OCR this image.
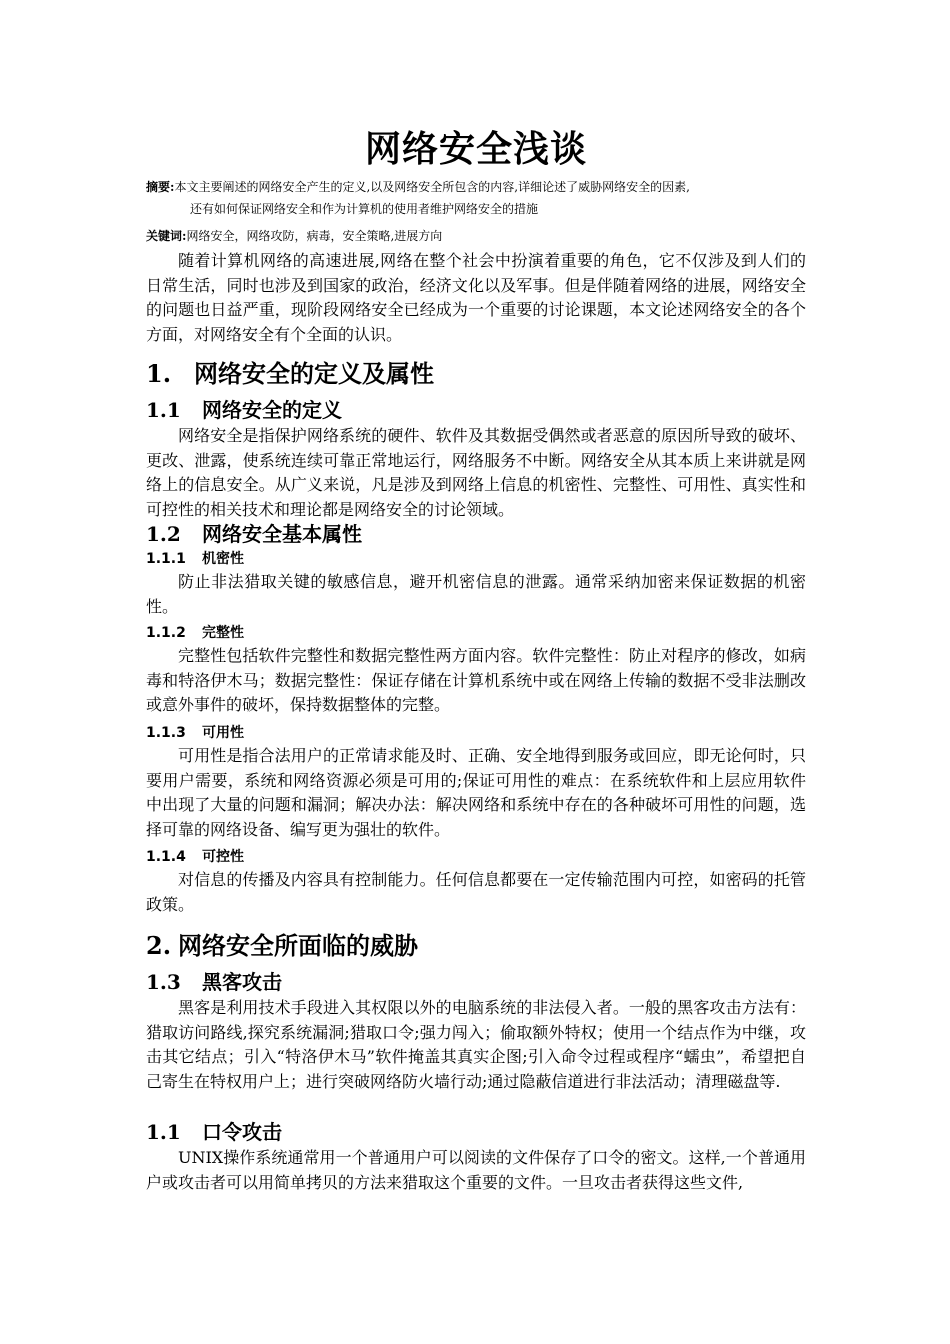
网络安全浅谈
摘要:本文主要阐述的网络安全产生的定义,以及网络安全所包含的内容,详细论述了威胁网络安全的因素,
还有如何保证网络安全和作为计算机的使用者维护网络安全的措施
关键词:网络安全，网络攻防，病毒，安全策略,进展方向

随着计算机网络的高速进展,网络在整个社会中扮演着重要的角色，它不仅涉及到人们的日常生活，同时也涉及到国家的政治，经济文化以及军事。但是伴随着网络的进展，网络安全的问题也日益严重，现阶段网络安全已经成为一个重要的讨论课题，本文论述网络安全的各个方面，对网络安全有个全面的认识。

1. 网络安全的定义及属性
1.1 网络安全的定义

网络安全是指保护网络系统的硬件、软件及其数据受偶然或者恶意的原因所导致的破坏、更改、泄露，使系统连续可靠正常地运行，网络服务不中断。网络安全从其本质上来讲就是网络上的信息安全。从广义来说，凡是涉及到网络上信息的机密性、完整性、可用性、真实性和可控性的相关技术和理论都是网络安全的讨论领域。

1.2 网络安全基本属性
1.1.1 机密性

防止非法猎取关键的敏感信息，避开机密信息的泄露。通常采纳加密来保证数据的机密性。

1.1.2 完整性

完整性包括软件完整性和数据完整性两方面内容。软件完整性：防止对程序的修改，如病毒和特洛伊木马；数据完整性：保证存储在计算机系统中或在网络上传输的数据不受非法删改或意外事件的破坏，保持数据整体的完整。

1.1.3 可用性

可用性是指合法用户的正常请求能及时、正确、安全地得到服务或回应，即无论何时，只要用户需要，系统和网络资源必须是可用的;保证可用性的难点：在系统软件和上层应用软件中出现了大量的问题和漏洞；解决办法：解决网络和系统中存在的各种破坏可用性的问题，选择可靠的网络设备、编写更为强壮的软件。

1.1.4 可控性

对信息的传播及内容具有控制能力。任何信息都要在一定传输范围内可控，如密码的托管政策。

2. 网络安全所面临的威胁
1.3 黑客攻击

黑客是利用技术手段进入其权限以外的电脑系统的非法侵入者。一般的黑客攻击方法有：猎取访问路线,探究系统漏洞;猎取口令;强力闯入；偷取额外特权；使用一个结点作为中继，攻击其它结点；引入“特洛伊木马”软件掩盖其真实企图;引入命令过程或程序“蠕虫”，希望把自己寄生在特权用户上；进行突破网络防火墙行动;通过隐蔽信道进行非法活动；清理磁盘等.

1.1 口令攻击

UNIX操作系统通常用一个普通用户可以阅读的文件保存了口令的密文。这样,一个普通用户或攻击者可以用简单拷贝的方法来猎取这个重要的文件。一旦攻击者获得这些文件,
